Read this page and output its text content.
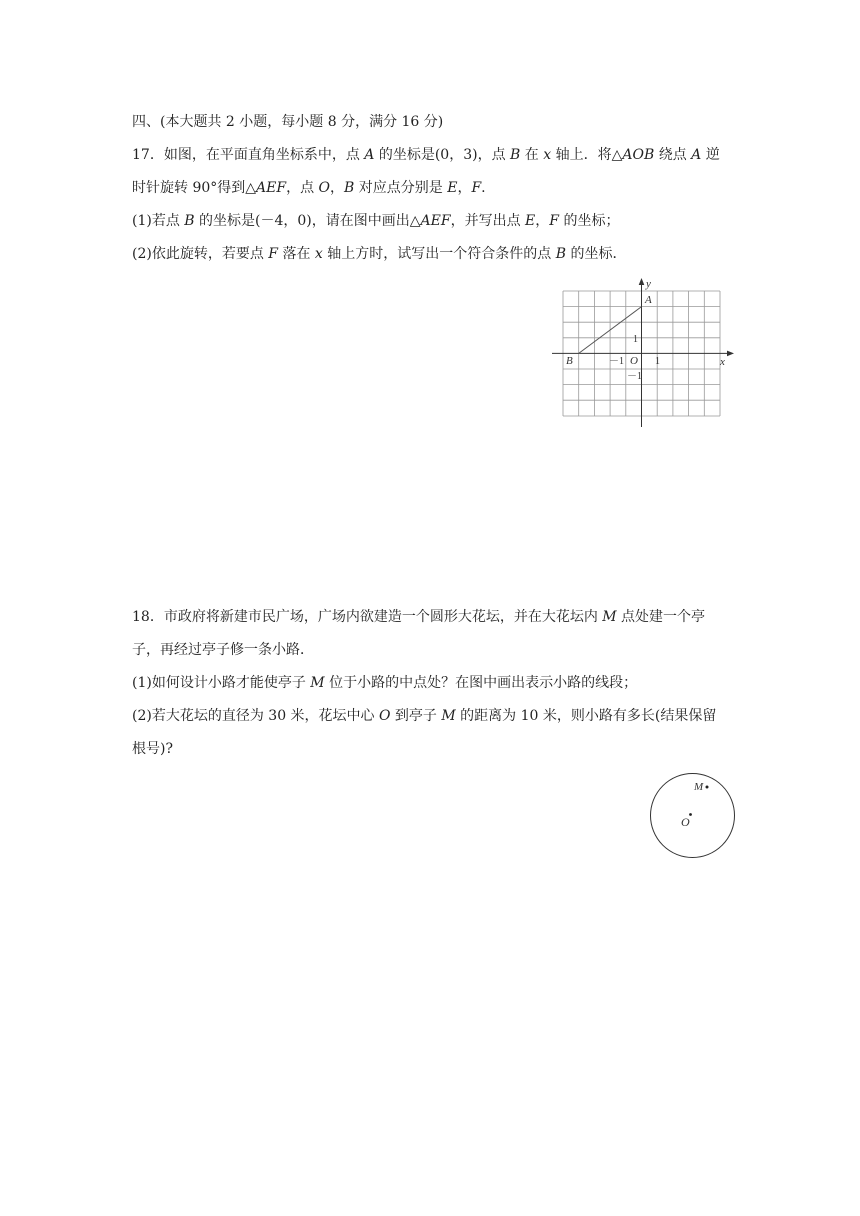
四、(本大题共 2 小题，每小题 8 分，满分 16 分)
17．如图，在平面直角坐标系中，点 A 的坐标是(0，3)，点 B 在 x 轴上．将△AOB 绕点 A 逆
时针旋转 90°得到△AEF，点 O，B 对应点分别是 E，F.
(1)若点 B 的坐标是(－4，0)，请在图中画出△AEF，并写出点 E，F 的坐标；
(2)依此旋转，若要点 F 落在 x 轴上方时，试写出一个符合条件的点 B 的坐标．
y
x
A
B	O
－1	1
1
－1
18．市政府将新建市民广场，广场内欲建造一个圆形大花坛，并在大花坛内 M 点处建一个亭
子，再经过亭子修一条小路．
(1)如何设计小路才能使亭子 M 位于小路的中点处？在图中画出表示小路的线段；
(2)若大花坛的直径为 30 米，花坛中心 O 到亭子 M 的距离为 10 米，则小路有多长(结果保留
根号)?
O
M
